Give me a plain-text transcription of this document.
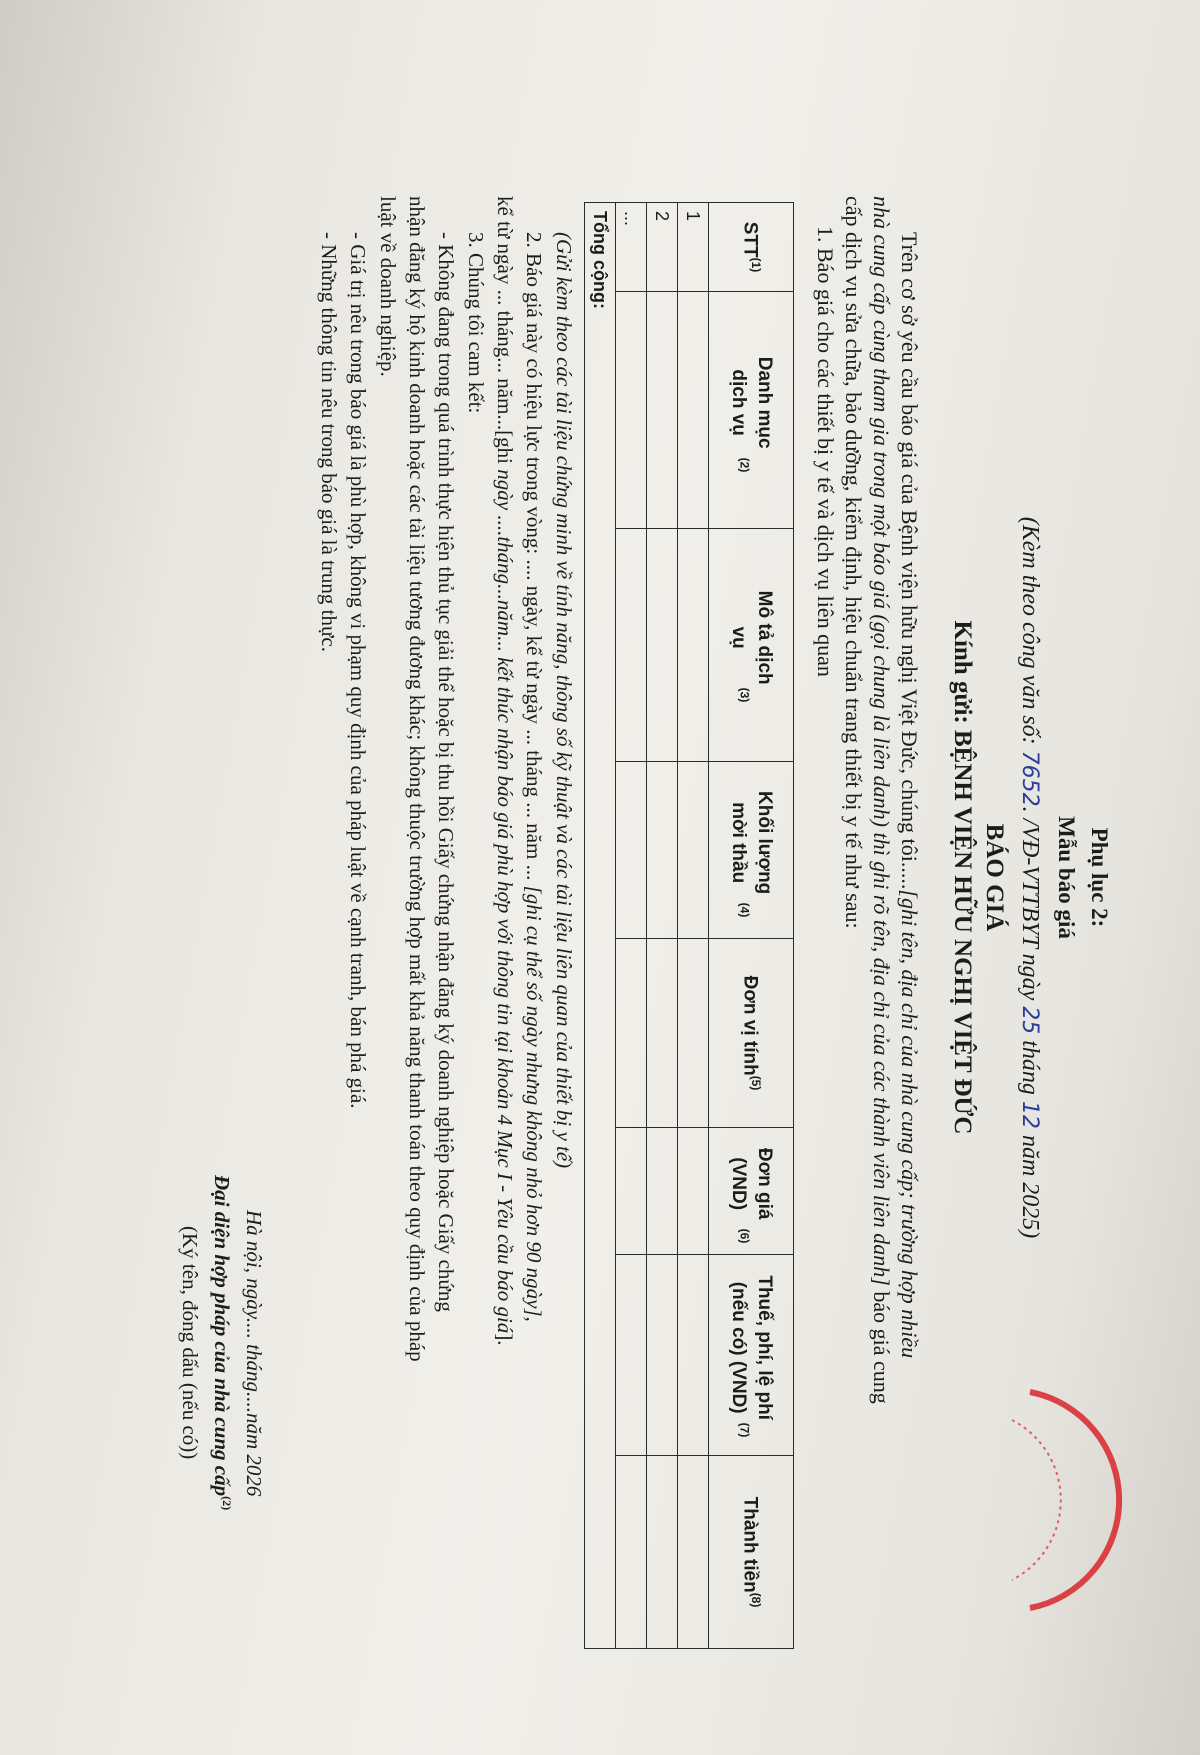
Phụ lục 2:
Mẫu báo giá
(Kèm theo công văn số: 7652. /VĐ-VTTBYT ngày 25 tháng 12 năm 2025)
BÁO GIÁ
Kính gửi: BỆNH VIỆN HỮU NGHỊ VIỆT ĐỨC
Trên cơ sở yêu cầu báo giá của Bệnh viện hữu nghị Việt Đức, chúng tôi.....[ghi tên, địa chỉ của nhà cung cấp; trường hợp nhiều
nhà cung cấp cùng tham gia trong một báo giá (gọi chung là liên danh) thì ghi rõ tên, địa chỉ của các thành viên liên danh] báo giá cung
cấp dịch vụ sửa chữa, bảo dưỡng, kiểm định, hiệu chuẩn trang thiết bị y tế như sau:
1. Báo giá cho các thiết bị y tế và dịch vụ liên quan
STT$^{(1)}$	Danh mục dịch vụ$^{(2)}$	Mô tả dịch vụ$^{(3)}$	Khối lượng mời thầu$^{(4)}$	Đơn vị tính$^{(5)}$	Đơn giá (VND)$^{(6)}$	Thuế, phí, lệ phí (nếu có) (VND)$^{(7)}$	Thành tiền$^{(8)}$
1							
2							
...							
Tổng cộng:							
(Gửi kèm theo các tài liệu chứng minh về tính năng, thông số kỹ thuật và các tài liệu liên quan của thiết bị y tế)
2. Báo giá này có hiệu lực trong vòng: .... ngày, kể từ ngày ... tháng ... năm ... [ghi cụ thể số ngày nhưng không nhỏ hơn 90 ngày],
kể từ ngày ... tháng... năm...[ghi ngày ....tháng...năm... kết thúc nhận báo giá phù hợp với thông tin tại khoản 4 Mục I - Yêu cầu báo giá].
3. Chúng tôi cam kết:
- Không đang trong quá trình thực hiện thủ tục giải thể hoặc bị thu hồi Giấy chứng nhận đăng ký doanh nghiệp hoặc Giấy chứng
nhận đăng ký hộ kinh doanh hoặc các tài liệu tương đương khác; không thuộc trường hợp mất khả năng thanh toán theo quy định của pháp
luật về doanh nghiệp.
- Giá trị nêu trong báo giá là phù hợp, không vi phạm quy định của pháp luật về cạnh tranh, bán phá giá.
- Những thông tin nêu trong báo giá là trung thực.
Hà nội, ngày.... tháng....năm 2026
Đại diện hợp pháp của nhà cung cấp$^{(2)}$
(Ký tên, đóng dấu (nếu có))
